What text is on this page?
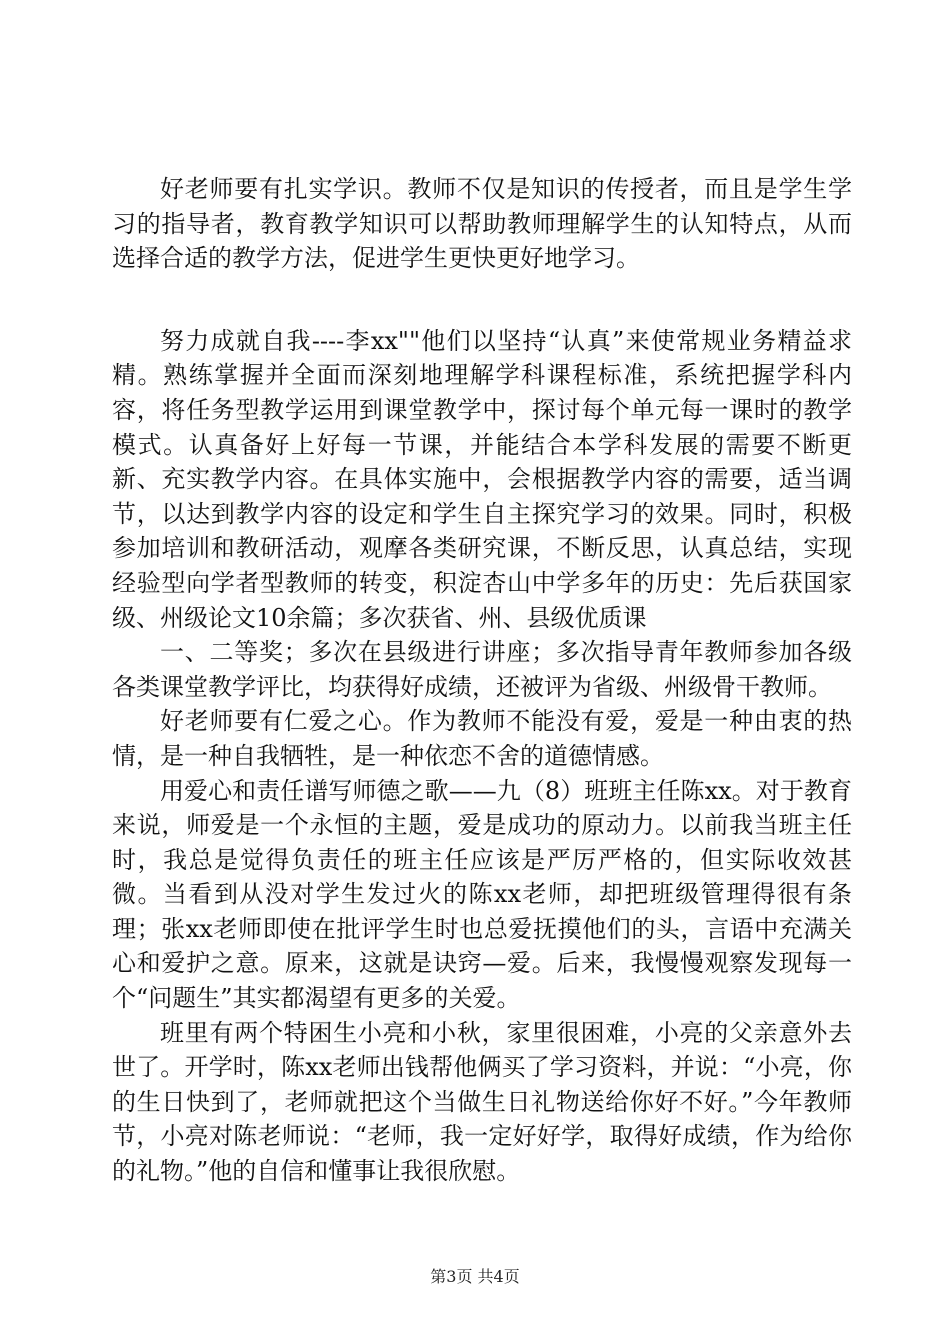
好老师要有扎实学识。教师不仅是知识的传授者，而且是学生学习的指导者，教育教学知识可以帮助教师理解学生的认知特点，从而选择合适的教学方法，促进学生更快更好地学习。

努力成就自我----李xx""他们以坚持“认真”来使常规业务精益求精。熟练掌握并全面而深刻地理解学科课程标准，系统把握学科内容，将任务型教学运用到课堂教学中，探讨每个单元每一课时的教学模式。认真备好上好每一节课，并能结合本学科发展的需要不断更新、充实教学内容。在具体实施中，会根据教学内容的需要，适当调节，以达到教学内容的设定和学生自主探究学习的效果。同时，积极参加培训和教研活动，观摩各类研究课，不断反思，认真总结，实现经验型向学者型教师的转变，积淀杏山中学多年的历史：先后获国家级、州级论文10余篇；多次获省、州、县级优质课

一、二等奖；多次在县级进行讲座；多次指导青年教师参加各级各类课堂教学评比，均获得好成绩，还被评为省级、州级骨干教师。

好老师要有仁爱之心。作为教师不能没有爱，爱是一种由衷的热情，是一种自我牺牲，是一种依恋不舍的道德情感。

用爱心和责任谱写师德之歌——九（8）班班主任陈xx。对于教育来说，师爱是一个永恒的主题，爱是成功的原动力。以前我当班主任时，我总是觉得负责任的班主任应该是严厉严格的，但实际收效甚微。当看到从没对学生发过火的陈xx老师，却把班级管理得很有条理；张xx老师即使在批评学生时也总爱抚摸他们的头，言语中充满关心和爱护之意。原来，这就是诀窍—爱。后来，我慢慢观察发现每一个“问题生”其实都渴望有更多的关爱。

班里有两个特困生小亮和小秋，家里很困难，小亮的父亲意外去世了。开学时，陈xx老师出钱帮他俩买了学习资料，并说：“小亮，你的生日快到了，老师就把这个当做生日礼物送给你好不好。”今年教师节，小亮对陈老师说：“老师，我一定好好学，取得好成绩，作为给你的礼物。”他的自信和懂事让我很欣慰。

第3页 共4页
